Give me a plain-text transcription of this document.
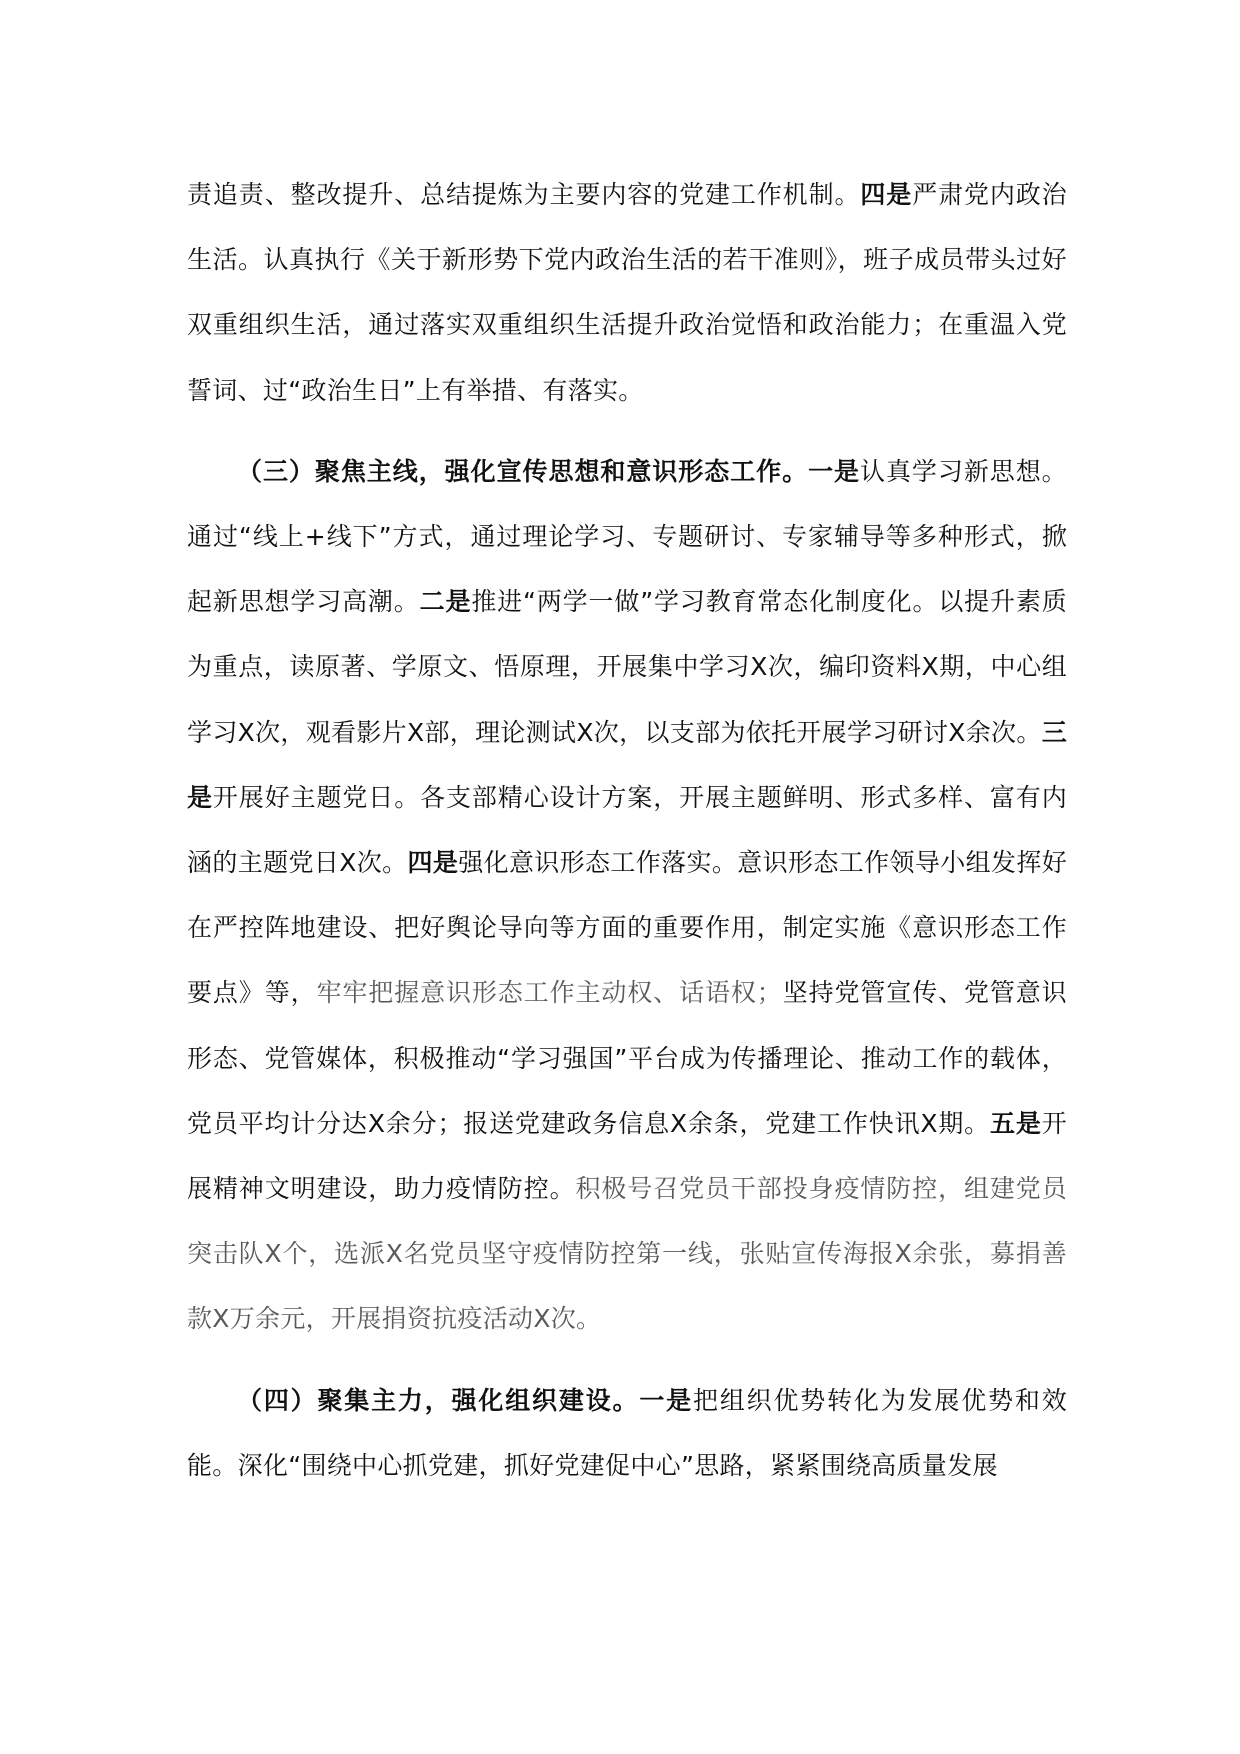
责追责、整改提升、总结提炼为主要内容的党建工作机制。四是严肃党内政治生活。认真执行《关于新形势下党内政治生活的若干准则》，班子成员带头过好双重组织生活，通过落实双重组织生活提升政治觉悟和政治能力；在重温入党誓词、过“政治生日”上有举措、有落实。

（三）聚焦主线，强化宣传思想和意识形态工作。一是认真学习新思想。通过“线上+线下”方式，通过理论学习、专题研讨、专家辅导等多种形式，掀起新思想学习高潮。二是推进“两学一做”学习教育常态化制度化。以提升素质为重点，读原著、学原文、悟原理，开展集中学习X次，编印资料X期，中心组学习X次，观看影片X部，理论测试X次，以支部为依托开展学习研讨X余次。三是开展好主题党日。各支部精心设计方案，开展主题鲜明、形式多样、富有内涵的主题党日X次。四是强化意识形态工作落实。意识形态工作领导小组发挥好在严控阵地建设、把好舆论导向等方面的重要作用，制定实施《意识形态工作要点》等，牢牢把握意识形态工作主动权、话语权；坚持党管宣传、党管意识形态、党管媒体，积极推动“学习强国”平台成为传播理论、推动工作的载体，党员平均计分达X余分；报送党建政务信息X余条，党建工作快讯X期。五是开展精神文明建设，助力疫情防控。积极号召党员干部投身疫情防控，组建党员突击队X个，选派X名党员坚守疫情防控第一线，张贴宣传海报X余张，募捐善款X万余元，开展捐资抗疫活动X次。

（四）聚集主力，强化组织建设。一是把组织优势转化为发展优势和效能。深化“围绕中心抓党建，抓好党建促中心”思路，紧紧围绕高质量发展
